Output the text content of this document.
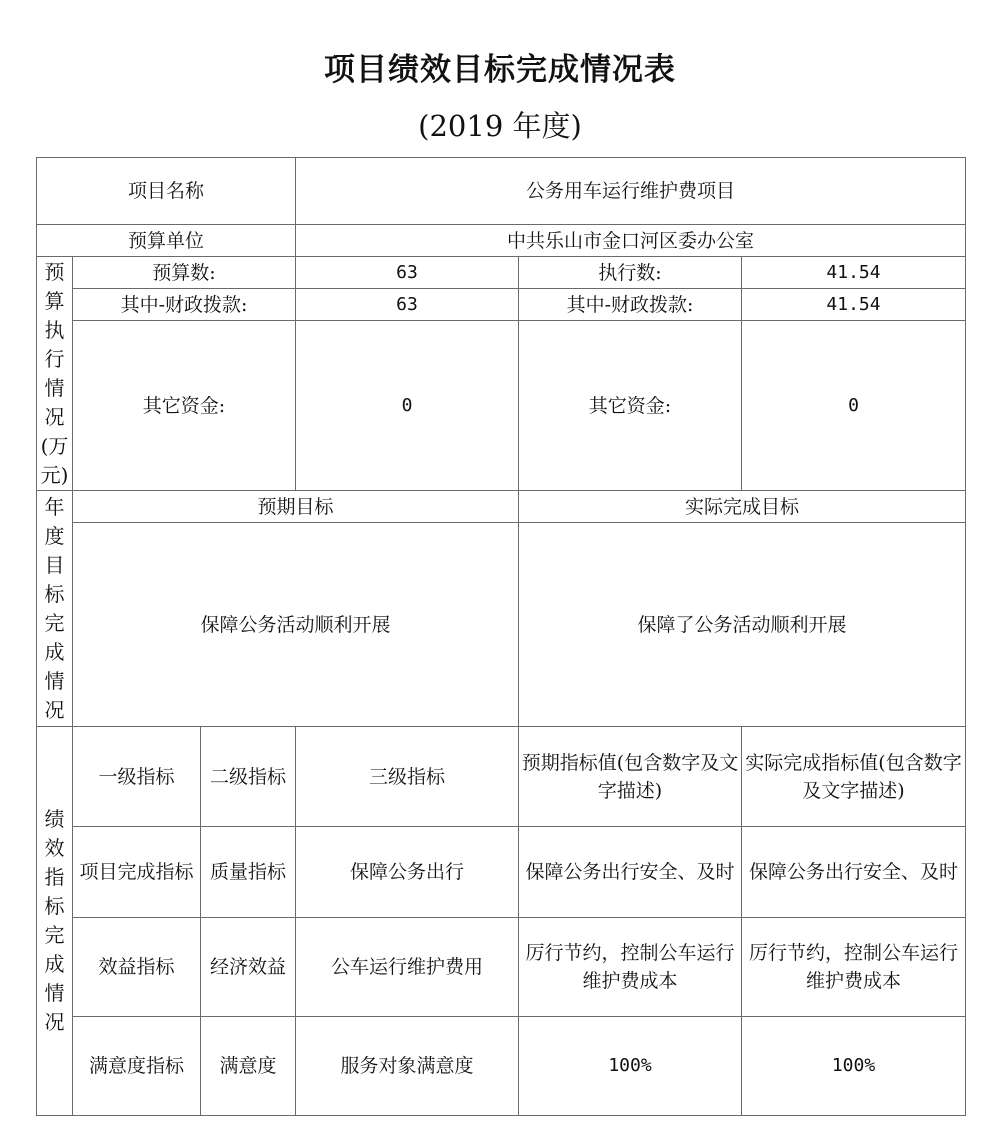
项目绩效目标完成情况表
(2019 年度)
项目名称			公务用车运行维护费项目		
预算单位			中共乐山市金口河区委办公室		
预算执行情况(万元)	预算数:		63	执行数:	41.54
	其中-财政拨款:		63	其中-财政拨款:	41.54
	其它资金:		0	其它资金:	0

年度目标完成情况	预期目标			实际完成目标	
	保障公务活动顺利开展			保障了公务活动顺利开展	
绩效指标完成情况	一级指标	二级指标	三级指标	预期指标值(包含数字及文字描述)	实际完成指标值(包含数字及文字描述)
	项目完成指标	质量指标	保障公务出行	保障公务出行安全、及时	保障公务出行安全、及时
	效益指标	经济效益	公车运行维护费用	厉行节约，控制公车运行维护费成本	厉行节约，控制公车运行维护费成本
	满意度指标	满意度	服务对象满意度	100%	100%
